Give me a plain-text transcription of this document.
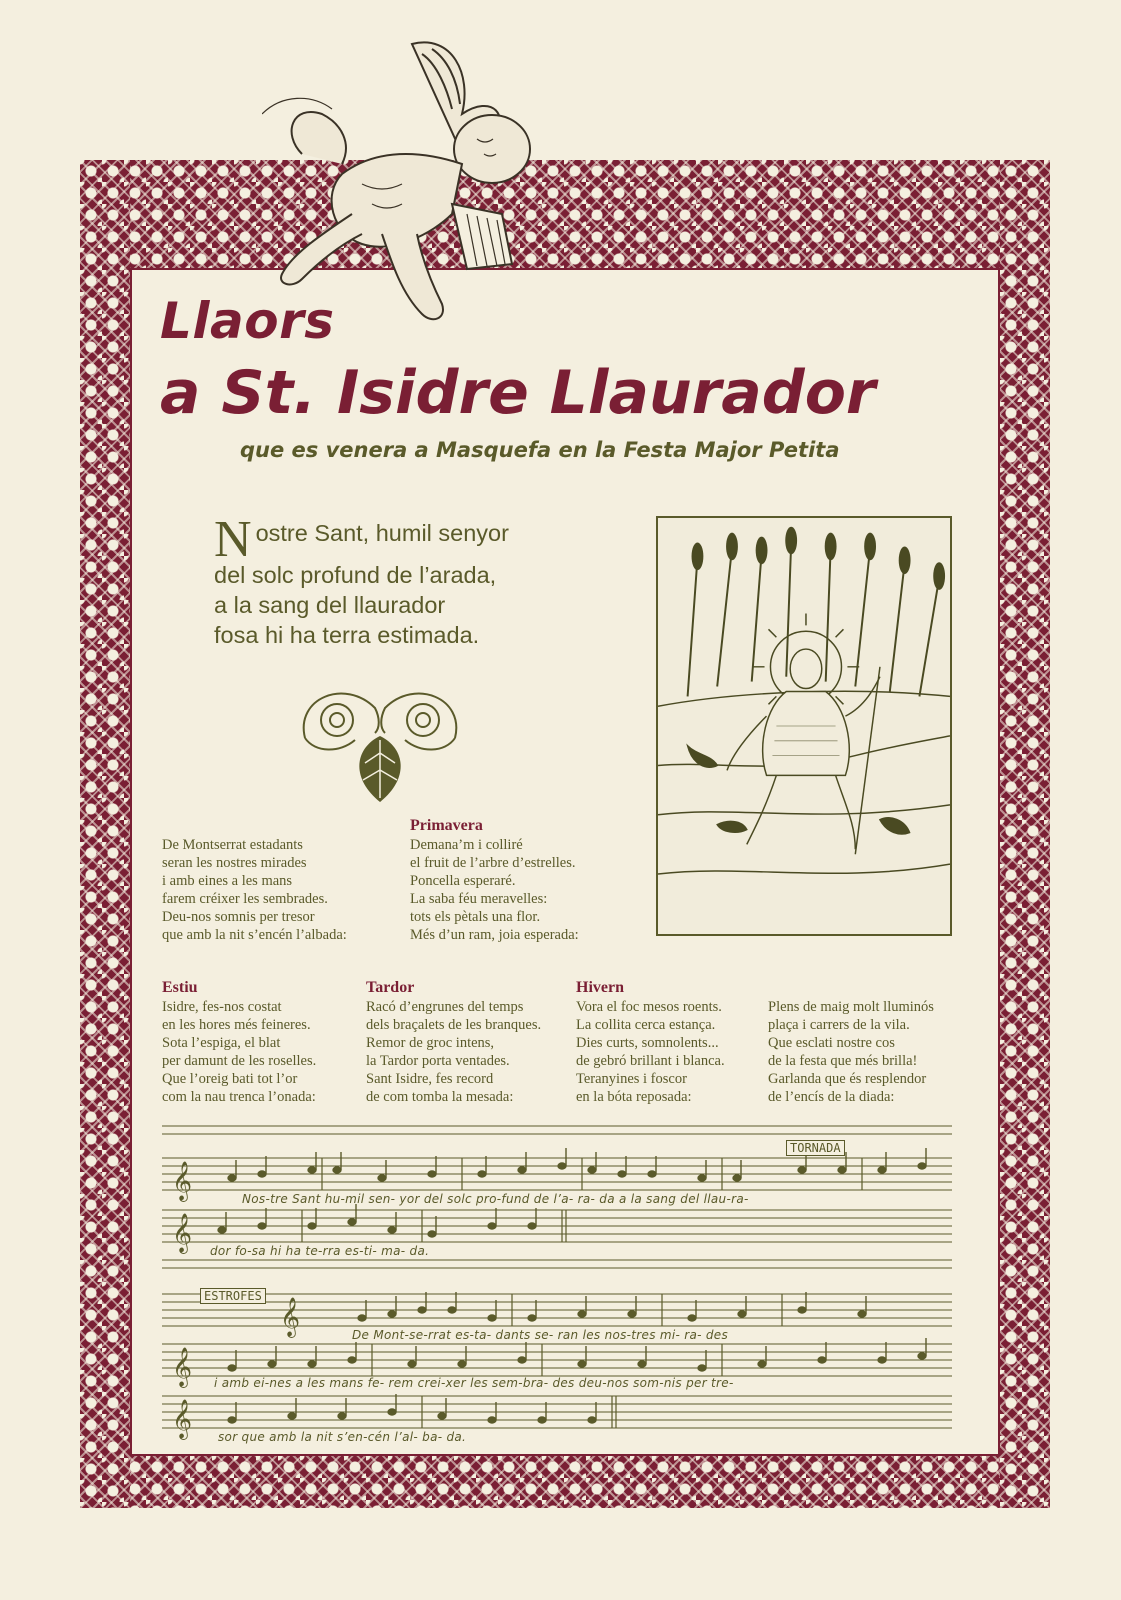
Llaors
a St. Isidre Llaurador

que es venera a Masquefa en la Festa Major Petita

N ostre Sant, humil senyor
del solc profund de l’arada,
a la sang del llaurador
fosa hi ha terra estimada.
De Montserrat estadants
seran les nostres mirades
i amb eines a les mans
farem créixer les sembrades.
Deu-nos somnis per tresor
que amb la nit s’encén l’albada:
Primavera
Demana’m i colliré
el fruit de l’arbre d’estrelles.
Poncella esperaré.
La saba féu meravelles:
tots els pètals una flor.
Més d’un ram, joia esperada:
Estiu
Isidre, fes-nos costat
en les hores més feineres.
Sota l’espiga, el blat
per damunt de les roselles.
Que l’oreig bati tot l’or
com la nau trenca l’onada:
Tardor
Racó d’engrunes del temps
dels braçalets de les branques.
Remor de groc intens,
la Tardor porta ventades.
Sant Isidre, fes record
de com tomba la mesada:
Hivern
Vora el foc mesos roents.
La collita cerca estança.
Dies curts, somnolents...
de gebró brillant i blanca.
Teranyines i foscor
en la bóta reposada:
Plens de maig molt lluminós
plaça i carrers de la vila.
Que esclati nostre cos
de la festa que més brilla!
Garlanda que és resplendor
de l’encís de la diada:
𝄞
𝄞
𝄞
𝄞
𝄞
TORNADA
ESTROFES
Nos-tre Sant hu-mil sen- yor del solc pro-fund de l’a- ra- da a la sang del llau-ra-
dor fo-sa hi ha te-rra es-ti- ma- da.
De Mont-se-rrat es-ta- dants se- ran les nos-tres mi- ra- des
i amb ei-nes a les mans fe- rem crei-xer les sem-bra- des deu-nos som-nis per tre-
sor que amb la nit s’en-cén l’al- ba- da.
